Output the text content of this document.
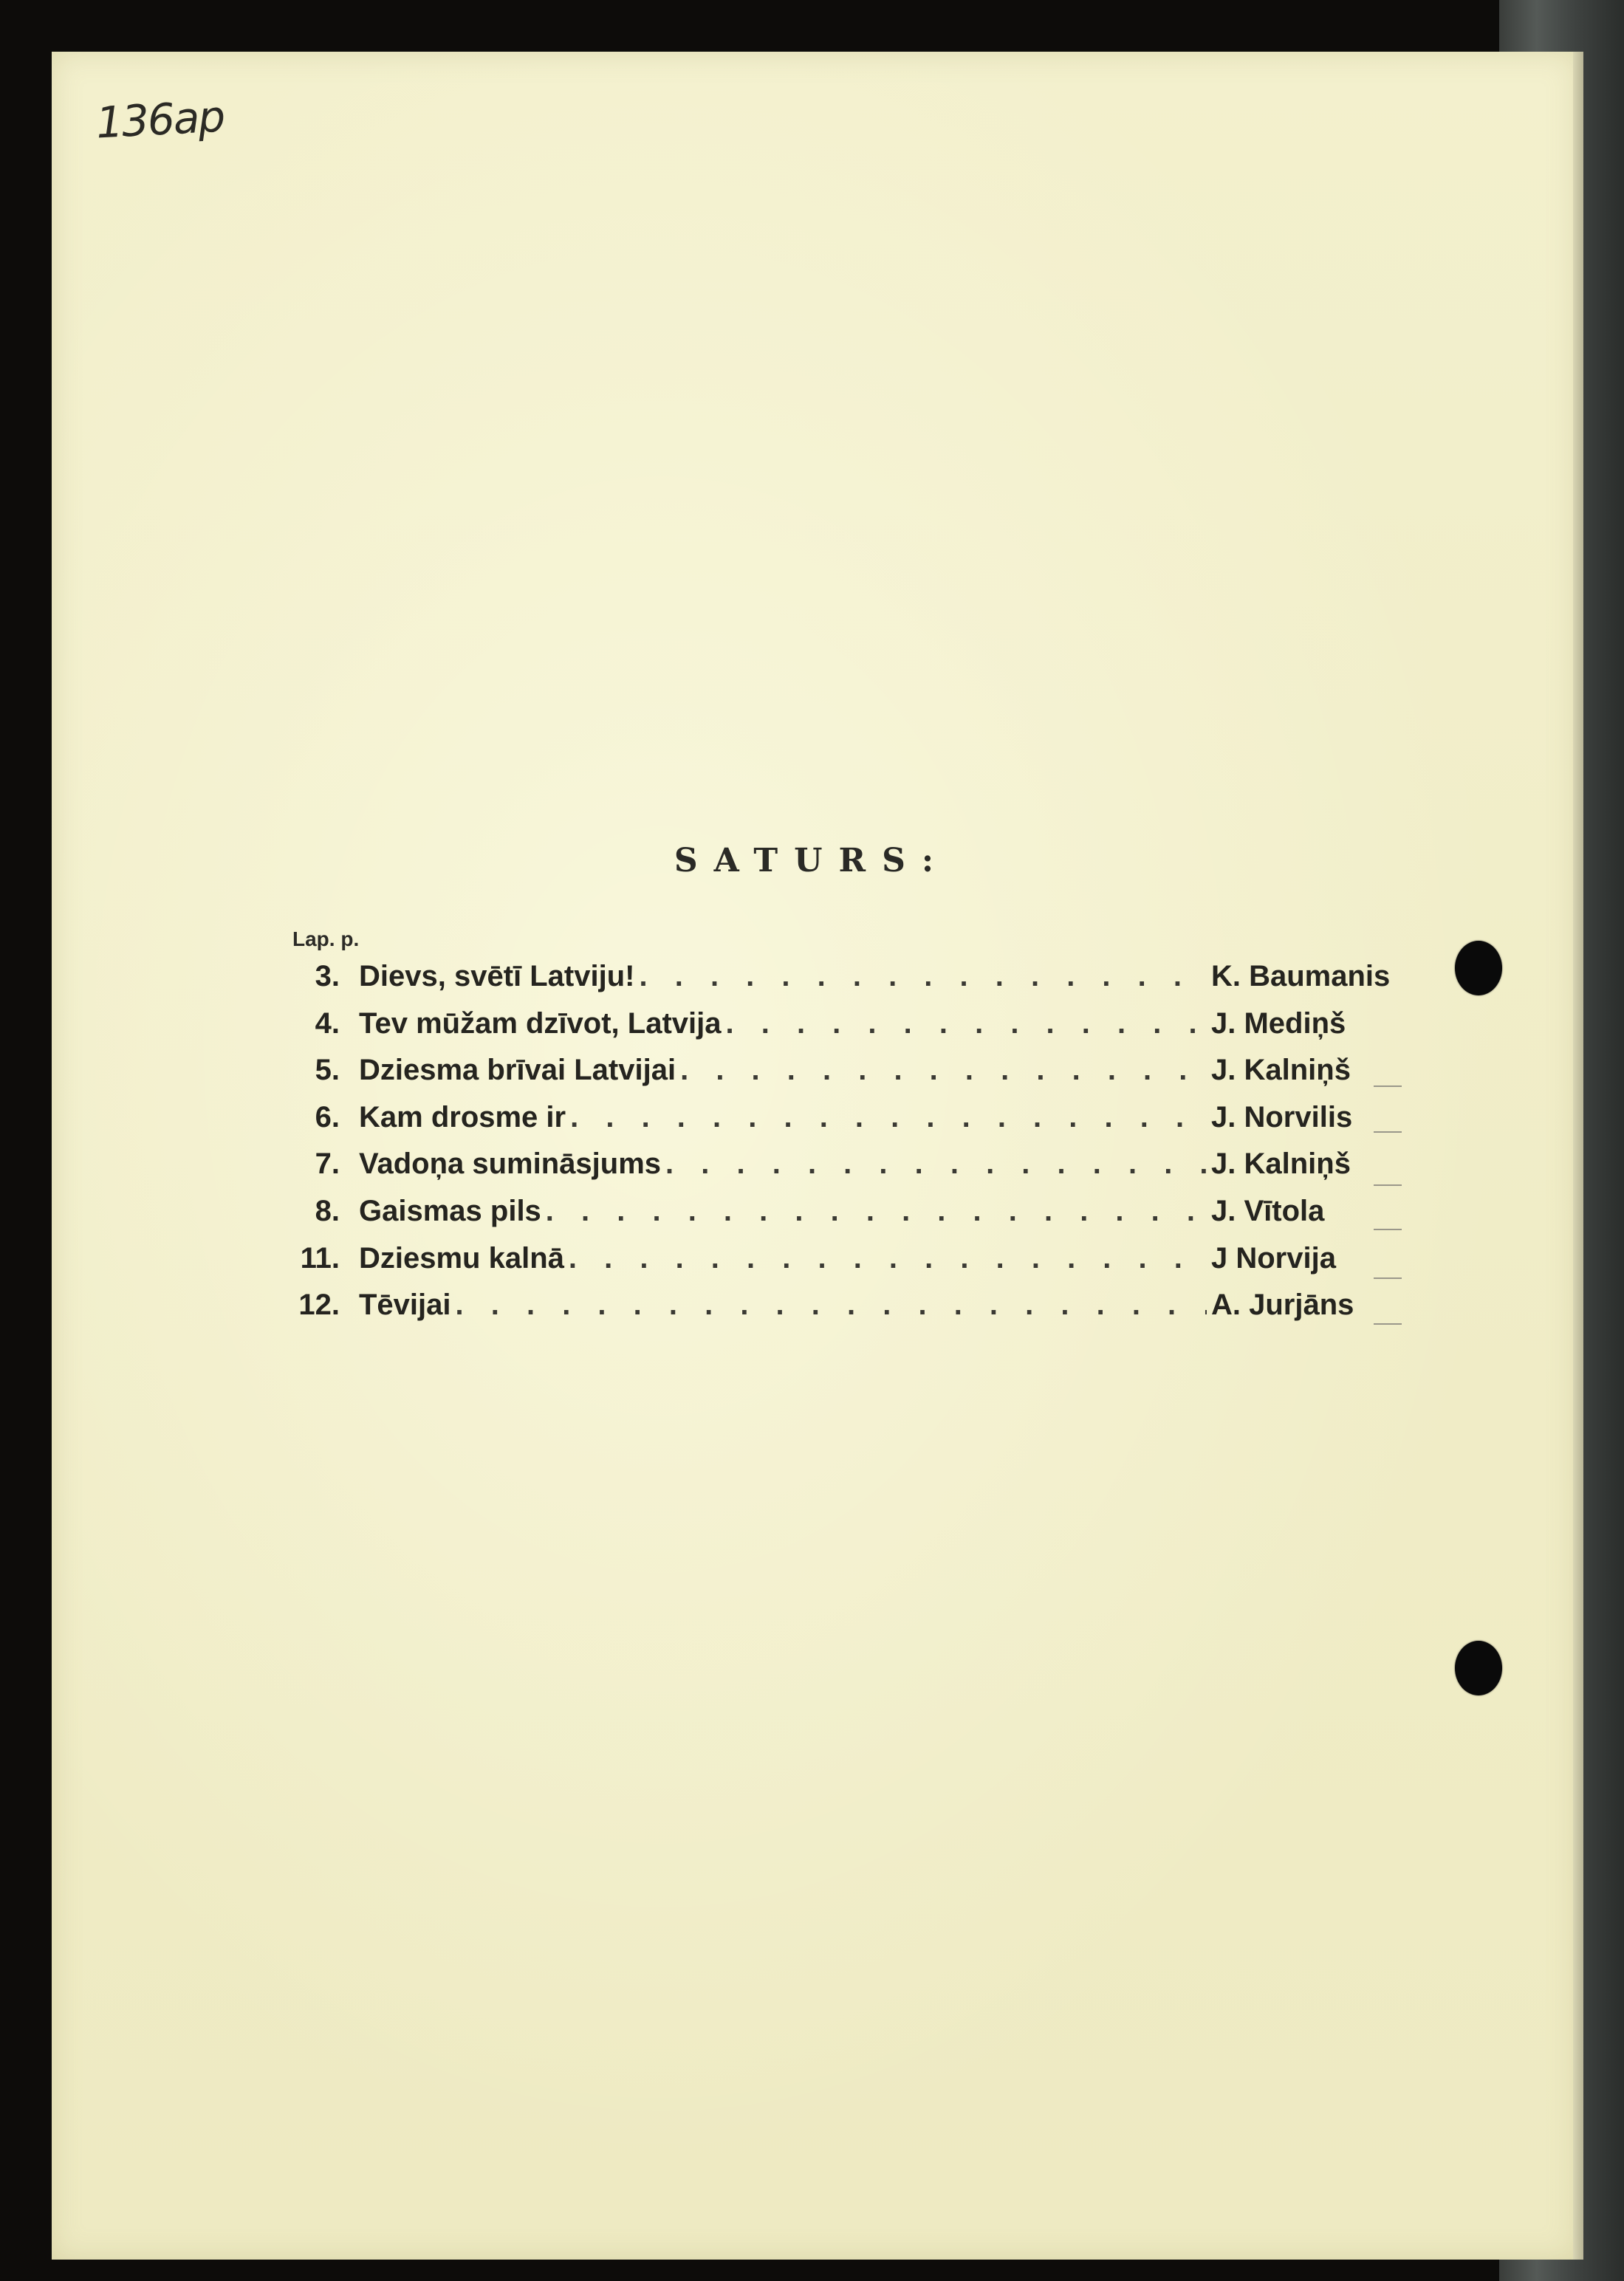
136ap
SATURS:
Lap. p.
3. Dievs, svētī Latviju! . . .	K. Baumanis
4. Tev mūžam dzīvot, Latvija . . .	J. Mediņš
5. Dziesma brīvai Latvijai . . .	J. Kalniņš
6. Kam drosme ir . . .	J. Norvilis
7. Vadoņa sumināsjums . . .	J. Kalniņš
8. Gaismas pils . . .	J. Vītola
11. Dziesmu kalnā . . .	J Norvija
12. Tēvijai . . .	A. Jurjāns
